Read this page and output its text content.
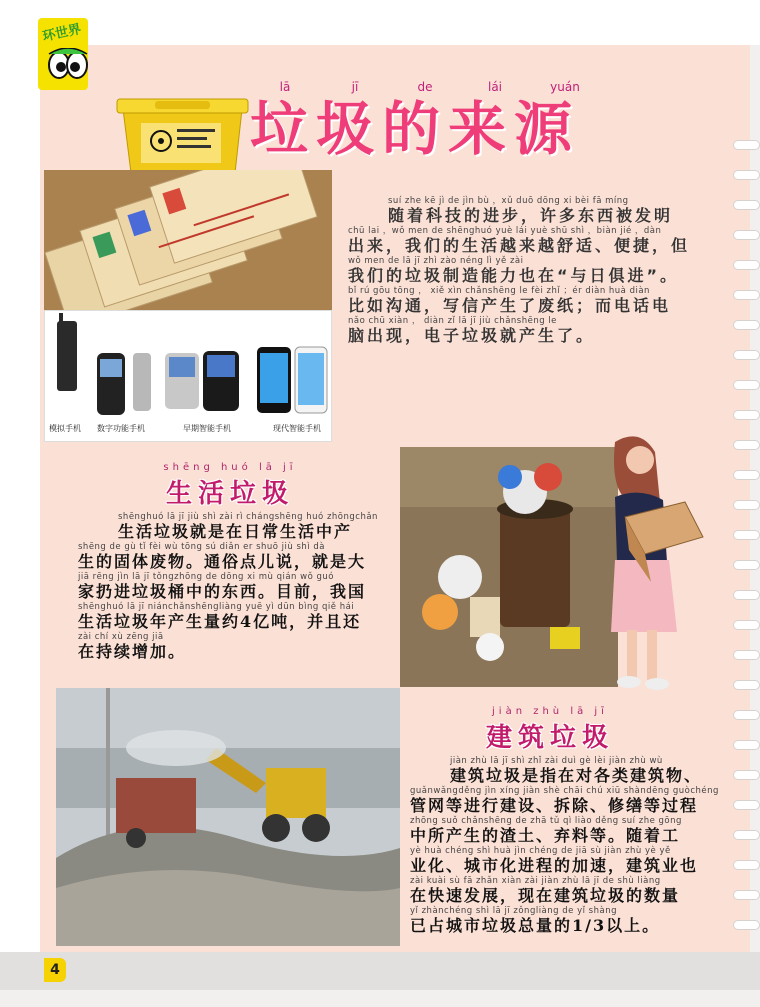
环世界
lā	jī	de	lái	yuán
垃圾的来源
模拟手机 数字功能手机	早期智能手机	现代智能手机
suí zhe kē jì de jìn bù ，xǔ duō dōng xi bèi fā míng
随着科技的进步，许多东西被发明
chū lai ，wǒ men de shēnghuó yuè lái yuè shū shì ，biàn jié ，dàn
出来，我们的生活越来越舒适、便捷，但
wǒ men de lā jī zhì zào néng lì yě zài
我们的垃圾制造能力也在“与日俱进”。
bǐ rú gōu tōng ， xiě xìn chǎnshēng le fèi zhǐ ；ér diàn huà diàn
比如沟通，写信产生了废纸；而电话电
nǎo chū xiàn ， diàn zǐ lā jī jiù chǎnshēng le
脑出现，电子垃圾就产生了。
shēng huó lā jī
生活垃圾
shēnghuó lā jī jiù shì zài rì chángshēng huó zhōngchǎn
生活垃圾就是在日常生活中产
shēng de gù tǐ fèi wù tōng sú diǎn er shuō jiù shì dà
生的固体废物。通俗点儿说，就是大
jiā rēng jìn lā jī tǒngzhōng de dōng xi mù qián wǒ guó
家扔进垃圾桶中的东西。目前，我国
shēnghuó lā jī niánchǎnshēngliàng yuē yì dūn bìng qiě hái
生活垃圾年产生量约4亿吨，并且还
zài chí xù zēng jiā
在持续增加。
jiàn zhù lā jī
建筑垃圾
jiàn zhù lā jī shì zhǐ zài duì gè lèi jiàn zhù wù
建筑垃圾是指在对各类建筑物、
guǎnwǎngděng jìn xíng jiàn shè chāi chú xiū shàndēng guòchéng
管网等进行建设、拆除、修缮等过程
zhōng suǒ chǎnshēng de zhā tǔ qì liào děng suí zhe gōng
中所产生的渣土、弃料等。随着工
yè huà chéng shì huà jìn chéng de jiā sù jiàn zhù yè yě
业化、城市化进程的加速，建筑业也
zài kuài sù fā zhǎn xiàn zài jiàn zhù lā jī de shù liàng
在快速发展，现在建筑垃圾的数量
yǐ zhànchéng shì lā jī zǒngliàng de yǐ shàng
已占城市垃圾总量的1/3以上。
4
